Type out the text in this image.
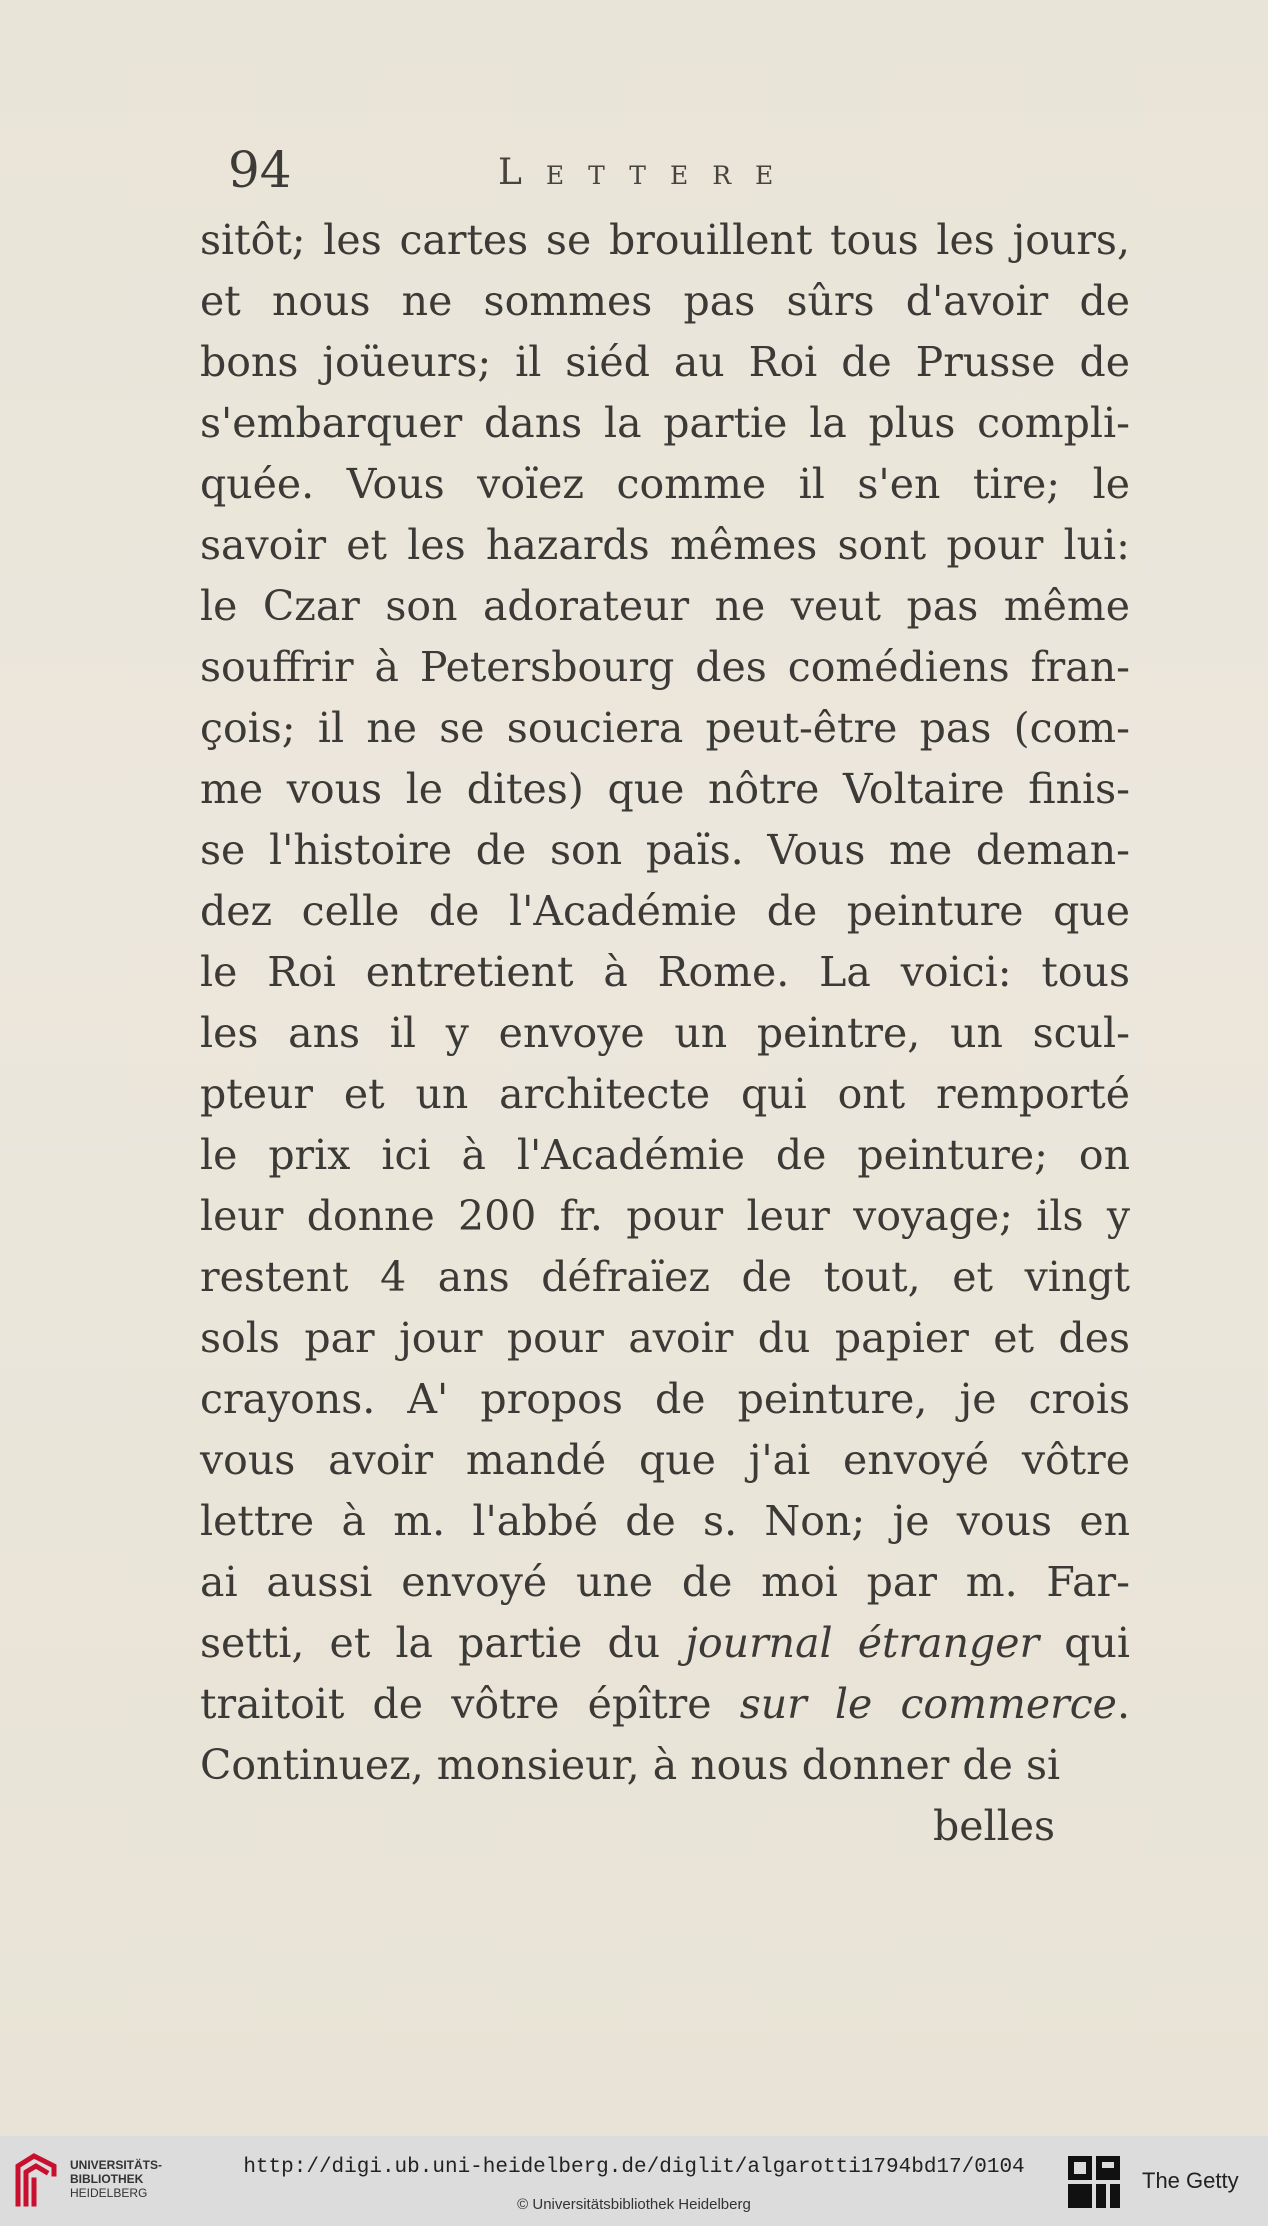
94	Lettere
sitôt; les cartes se brouillent tous les jours,
et nous ne sommes pas sûrs d'avoir de
bons joüeurs; il siéd au Roi de Prusse de
s'embarquer dans la partie la plus compli-
quée. Vous voïez comme il s'en tire; le
savoir et les hazards mêmes sont pour lui:
le Czar son adorateur ne veut pas même
souffrir à Petersbourg des comédiens fran-
çois; il ne se souciera peut-être pas (com-
me vous le dites) que nôtre Voltaire finis-
se l'histoire de son païs. Vous me deman-
dez celle de l'Académie de peinture que
le Roi entretient à Rome. La voici: tous
les ans il y envoye un peintre, un scul-
pteur et un architecte qui ont remporté
le prix ici à l'Académie de peinture; on
leur donne 200 fr. pour leur voyage; ils y
restent 4 ans défraïez de tout, et vingt
sols par jour pour avoir du papier et des
crayons. A' propos de peinture, je crois
vous avoir mandé que j'ai envoyé vôtre
lettre à m. l'abbé de s. Non; je vous en
ai aussi envoyé une de moi par m. Far-
setti, et la partie du journal étranger qui
traitoit de vôtre épître sur le commerce.
Continuez, monsieur, à nous donner de si
belles
UNIVERSITÄTS-
BIBLIOTHEK
HEIDELBERG
http://digi.ub.uni-heidelberg.de/diglit/algarotti1794bd17/0104
© Universitätsbibliothek Heidelberg
The Getty
